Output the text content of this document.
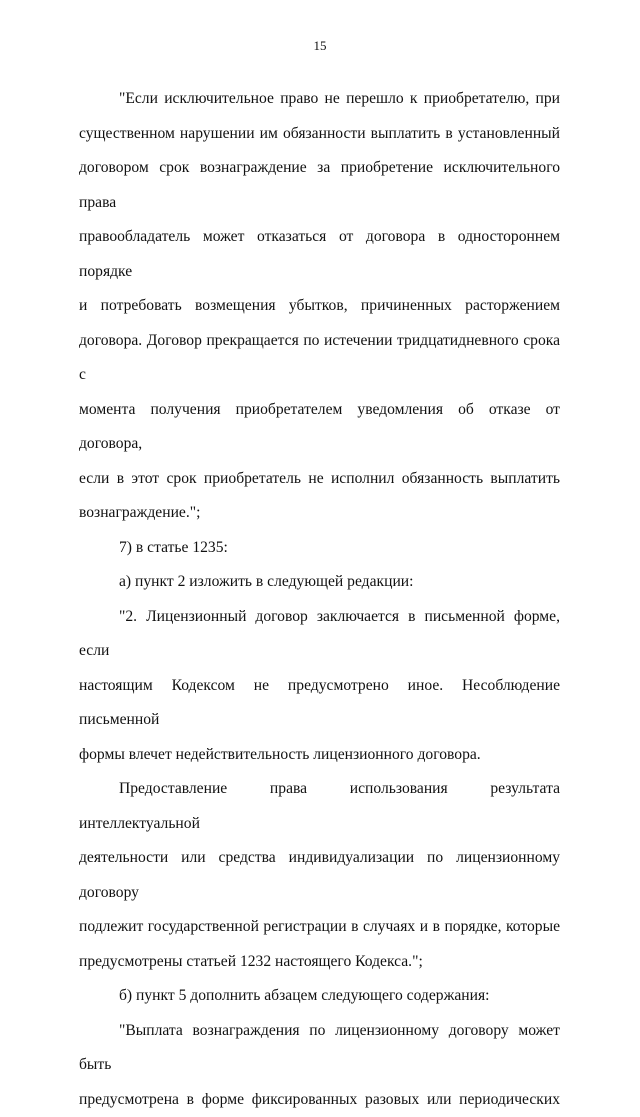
15

"Если исключительное право не перешло к приобретателю, при

существенном нарушении им обязанности выплатить в установленный

договором срок вознаграждение за приобретение исключительного права

правообладатель может отказаться от договора в одностороннем порядке

и потребовать возмещения убытков, причиненных расторжением

договора. Договор прекращается по истечении тридцатидневного срока с

момента получения приобретателем уведомления об отказе от договора,

если в этот срок приобретатель не исполнил обязанность выплатить

вознаграждение.";

7) в статье 1235:

а) пункт 2 изложить в следующей редакции:

"2. Лицензионный договор заключается в письменной форме, если

настоящим Кодексом не предусмотрено иное. Несоблюдение письменной

формы влечет недействительность лицензионного договора.

Предоставление права использования результата интеллектуальной

деятельности или средства индивидуализации по лицензионному договору

подлежит государственной регистрации в случаях и в порядке, которые

предусмотрены статьей 1232 настоящего Кодекса.";

б) пункт 5 дополнить абзацем следующего содержания:

"Выплата вознаграждения по лицензионному договору может быть

предусмотрена в форме фиксированных разовых или периодических
